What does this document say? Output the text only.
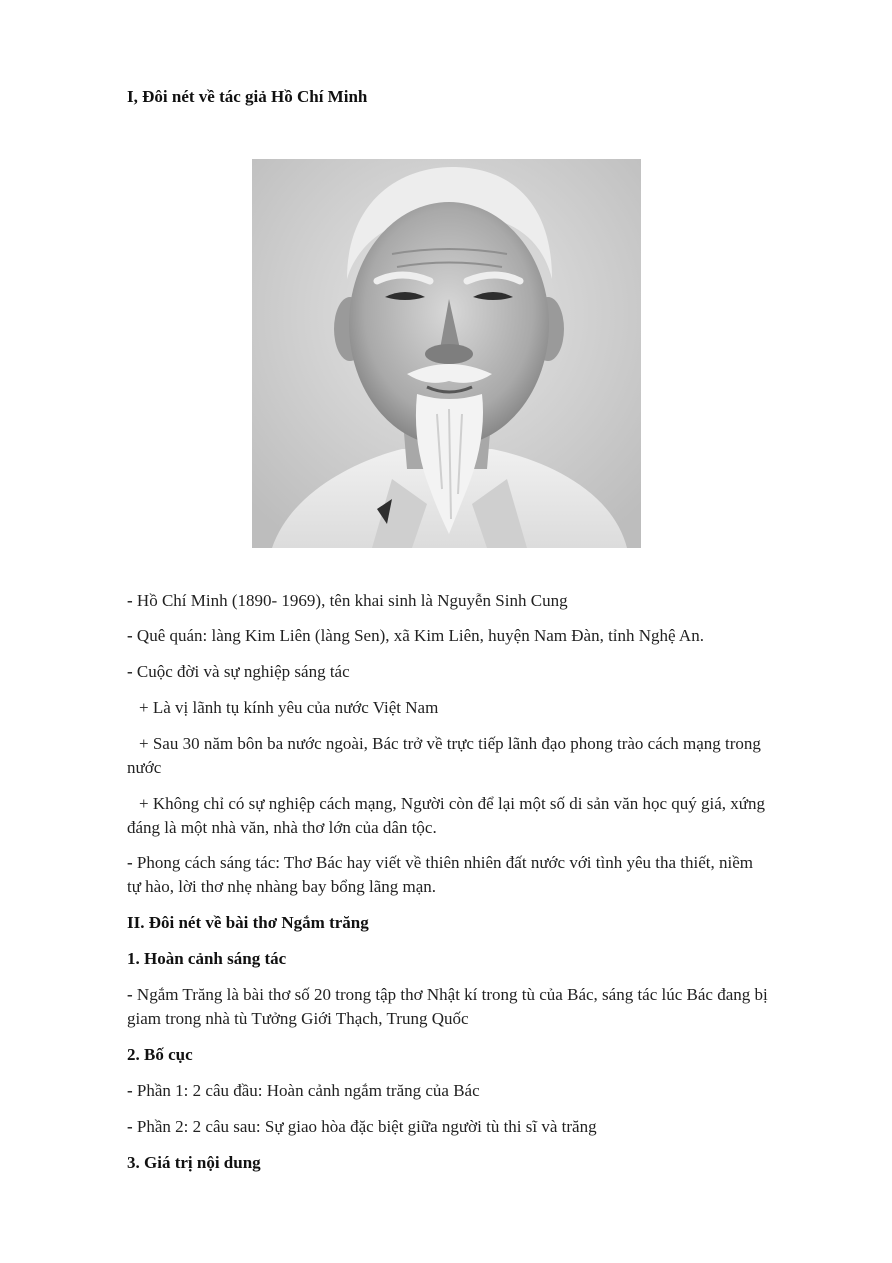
I, Đôi nét về tác giả Hồ Chí Minh
- Hồ Chí Minh (1890- 1969), tên khai sinh là Nguyễn Sinh Cung
- Quê quán: làng Kim Liên (làng Sen), xã Kim Liên, huyện Nam Đàn, tỉnh Nghệ An.
- Cuộc đời và sự nghiệp sáng tác
+ Là vị lãnh tụ kính yêu của nước Việt Nam
+ Sau 30 năm bôn ba nước ngoài, Bác trở về trực tiếp lãnh đạo phong trào cách mạng trong
nước
+ Không chỉ có sự nghiệp cách mạng, Người còn để lại một số di sản văn học quý giá, xứng
đáng là một nhà văn, nhà thơ lớn của dân tộc.
- Phong cách sáng tác: Thơ Bác hay viết về thiên nhiên đất nước với tình yêu tha thiết, niềm
tự hào, lời thơ nhẹ nhàng bay bổng lãng mạn.
II. Đôi nét về bài thơ Ngắm trăng
1. Hoàn cảnh sáng tác
- Ngắm Trăng là bài thơ số 20 trong tập thơ Nhật kí trong tù của Bác, sáng tác lúc Bác đang bị
giam trong nhà tù Tưởng Giới Thạch, Trung Quốc
2. Bố cục
- Phần 1: 2 câu đầu: Hoàn cảnh ngắm trăng của Bác
- Phần 2: 2 câu sau: Sự giao hòa đặc biệt giữa người tù thi sĩ và trăng
3. Giá trị nội dung
